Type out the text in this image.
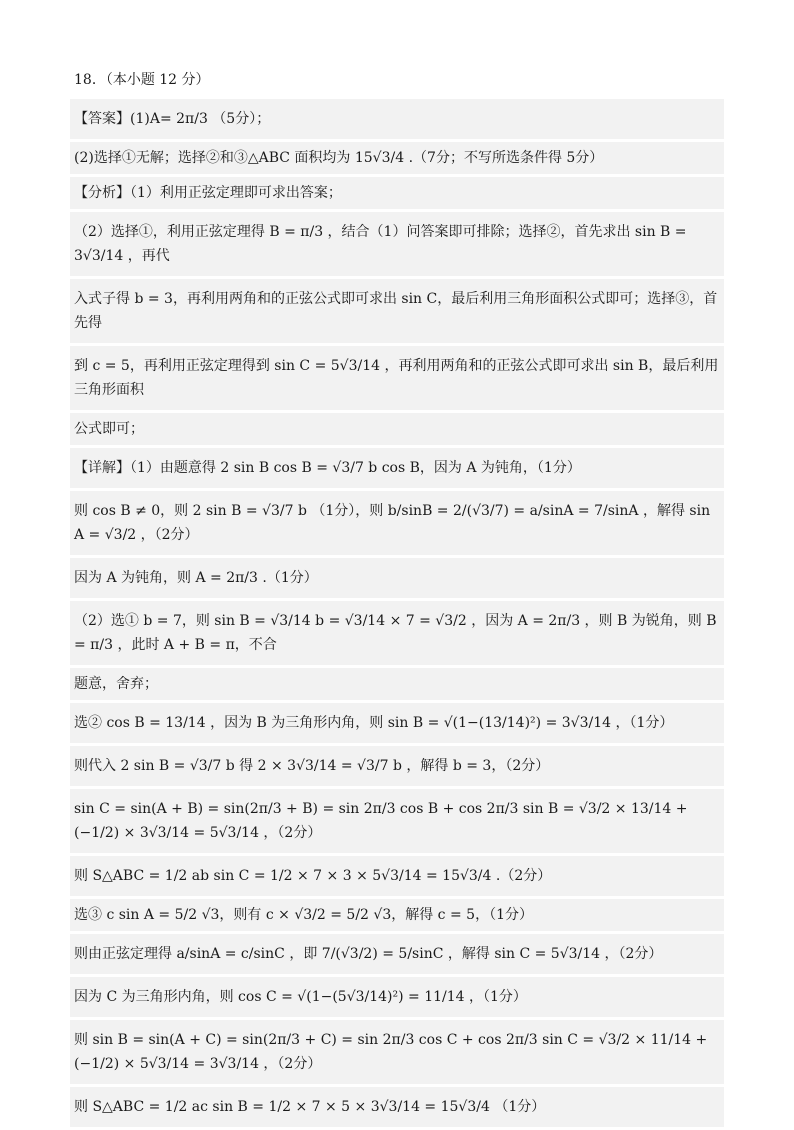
18．（本小题 12 分）
【答案】(1)A= 2π/3 （5分）；
(2)选择①无解；选择②和③△ABC 面积均为 15√3/4 .（7分；不写所选条件得 5分）
【分析】（1）利用正弦定理即可求出答案；
（2）选择①，利用正弦定理得 B = π/3 ，结合（1）问答案即可排除；选择②，首先求出 sin B = 3√3/14 ，再代
入式子得 b = 3，再利用两角和的正弦公式即可求出 sin C，最后利用三角形面积公式即可；选择③，首先得
到 c = 5，再利用正弦定理得到 sin C = 5√3/14 ，再利用两角和的正弦公式即可求出 sin B，最后利用三角形面积
公式即可；
【详解】（1）由题意得 2 sin B cos B = √3/7 b cos B，因为 A 为钝角，（1分）
则 cos B ≠ 0，则 2 sin B = √3/7 b （1分），则 b/sinB = 2/(√3/7) = a/sinA = 7/sinA ，解得 sin A = √3/2 ，（2分）
因为 A 为钝角，则 A = 2π/3 .（1分）
（2）选① b = 7，则 sin B = √3/14 b = √3/14 × 7 = √3/2 ，因为 A = 2π/3 ，则 B 为锐角，则 B = π/3 ，此时 A + B = π，不合
题意，舍弃；
选② cos B = 13/14 ，因为 B 为三角形内角，则 sin B = √(1−(13/14)²) = 3√3/14 ，（1分）
则代入 2 sin B = √3/7 b 得 2 × 3√3/14 = √3/7 b ，解得 b = 3，（2分）
sin C = sin(A + B) = sin(2π/3 + B) = sin 2π/3 cos B + cos 2π/3 sin B = √3/2 × 13/14 + (−1/2) × 3√3/14 = 5√3/14 ，（2分）
则 S△ABC = 1/2 ab sin C = 1/2 × 7 × 3 × 5√3/14 = 15√3/4 .（2分）
选③ c sin A = 5/2 √3，则有 c × √3/2 = 5/2 √3，解得 c = 5，（1分）
则由正弦定理得 a/sinA = c/sinC ，即 7/(√3/2) = 5/sinC ，解得 sin C = 5√3/14 ，（2分）
因为 C 为三角形内角，则 cos C = √(1−(5√3/14)²) = 11/14 ，（1分）
则 sin B = sin(A + C) = sin(2π/3 + C) = sin 2π/3 cos C + cos 2π/3 sin C = √3/2 × 11/14 + (−1/2) × 5√3/14 = 3√3/14 ，（2分）
则 S△ABC = 1/2 ac sin B = 1/2 × 7 × 5 × 3√3/14 = 15√3/4 （1分）
